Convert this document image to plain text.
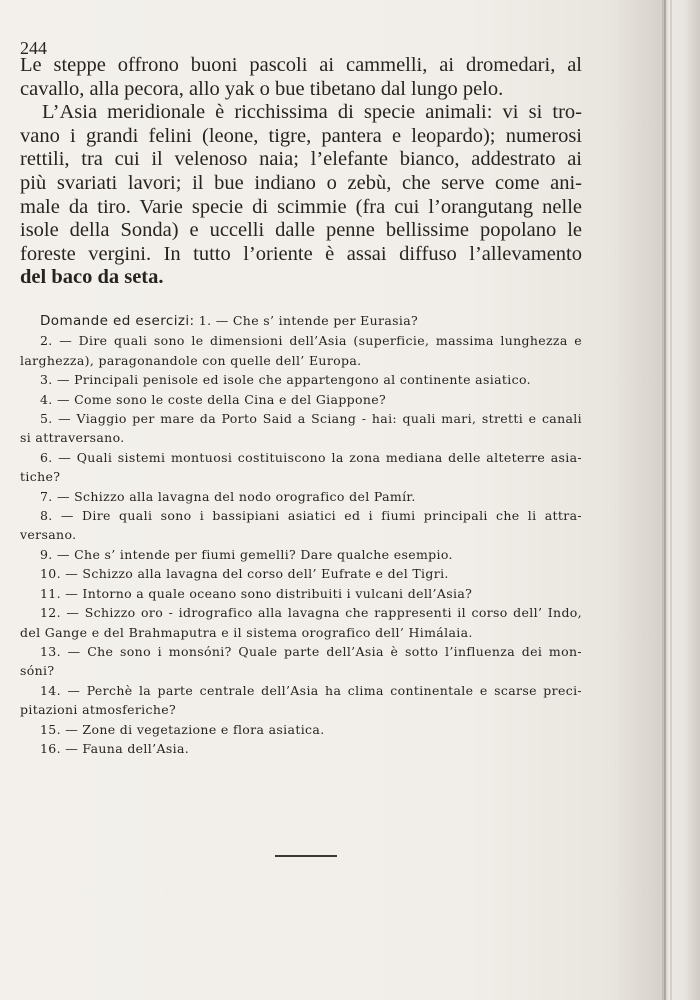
244
Le steppe offrono buoni pascoli ai cammelli, ai dromedari, al
cavallo, alla pecora, allo yak o bue tibetano dal lungo pelo.
L’Asia meridionale è ricchissima di specie animali: vi si tro-
vano i grandi felini (leone, tigre, pantera e leopardo); numerosi
rettili, tra cui il velenoso naia; l’elefante bianco, addestrato ai
più svariati lavori; il bue indiano o zebù, che serve come ani-
male da tiro. Varie specie di scimmie (fra cui l’orangutang nelle
isole della Sonda) e uccelli dalle penne bellissime popolano le
foreste vergini. In tutto l’oriente è assai diffuso l’allevamento
del baco da seta.
Domande ed esercizi: 1. — Che s’ intende per Eurasia?
2. — Dire quali sono le dimensioni dell’Asia (superficie, massima lunghezza e
larghezza), paragonandole con quelle dell’ Europa.
3. — Principali penisole ed isole che appartengono al continente asiatico.
4. — Come sono le coste della Cina e del Giappone?
5. — Viaggio per mare da Porto Said a Sciang - hai: quali mari, stretti e canali
si attraversano.
6. — Quali sistemi montuosi costituiscono la zona mediana delle alteterre asia-
tiche?
7. — Schizzo alla lavagna del nodo orografico del Pamír.
8. — Dire quali sono i bassipiani asiatici ed i fiumi principali che li attra-
versano.
9. — Che s’ intende per fiumi gemelli? Dare qualche esempio.
10. — Schizzo alla lavagna del corso dell’ Eufrate e del Tigri.
11. — Intorno a quale oceano sono distribuiti i vulcani dell’Asia?
12. — Schizzo oro - idrografico alla lavagna che rappresenti il corso dell’ Indo,
del Gange e del Brahmaputra e il sistema orografico dell’ Himálaia.
13. — Che sono i monsóni? Quale parte dell’Asia è sotto l’influenza dei mon-
sóni?
14. — Perchè la parte centrale dell’Asia ha clima continentale e scarse preci-
pitazioni atmosferiche?
15. — Zone di vegetazione e flora asiatica.
16. — Fauna dell’Asia.
